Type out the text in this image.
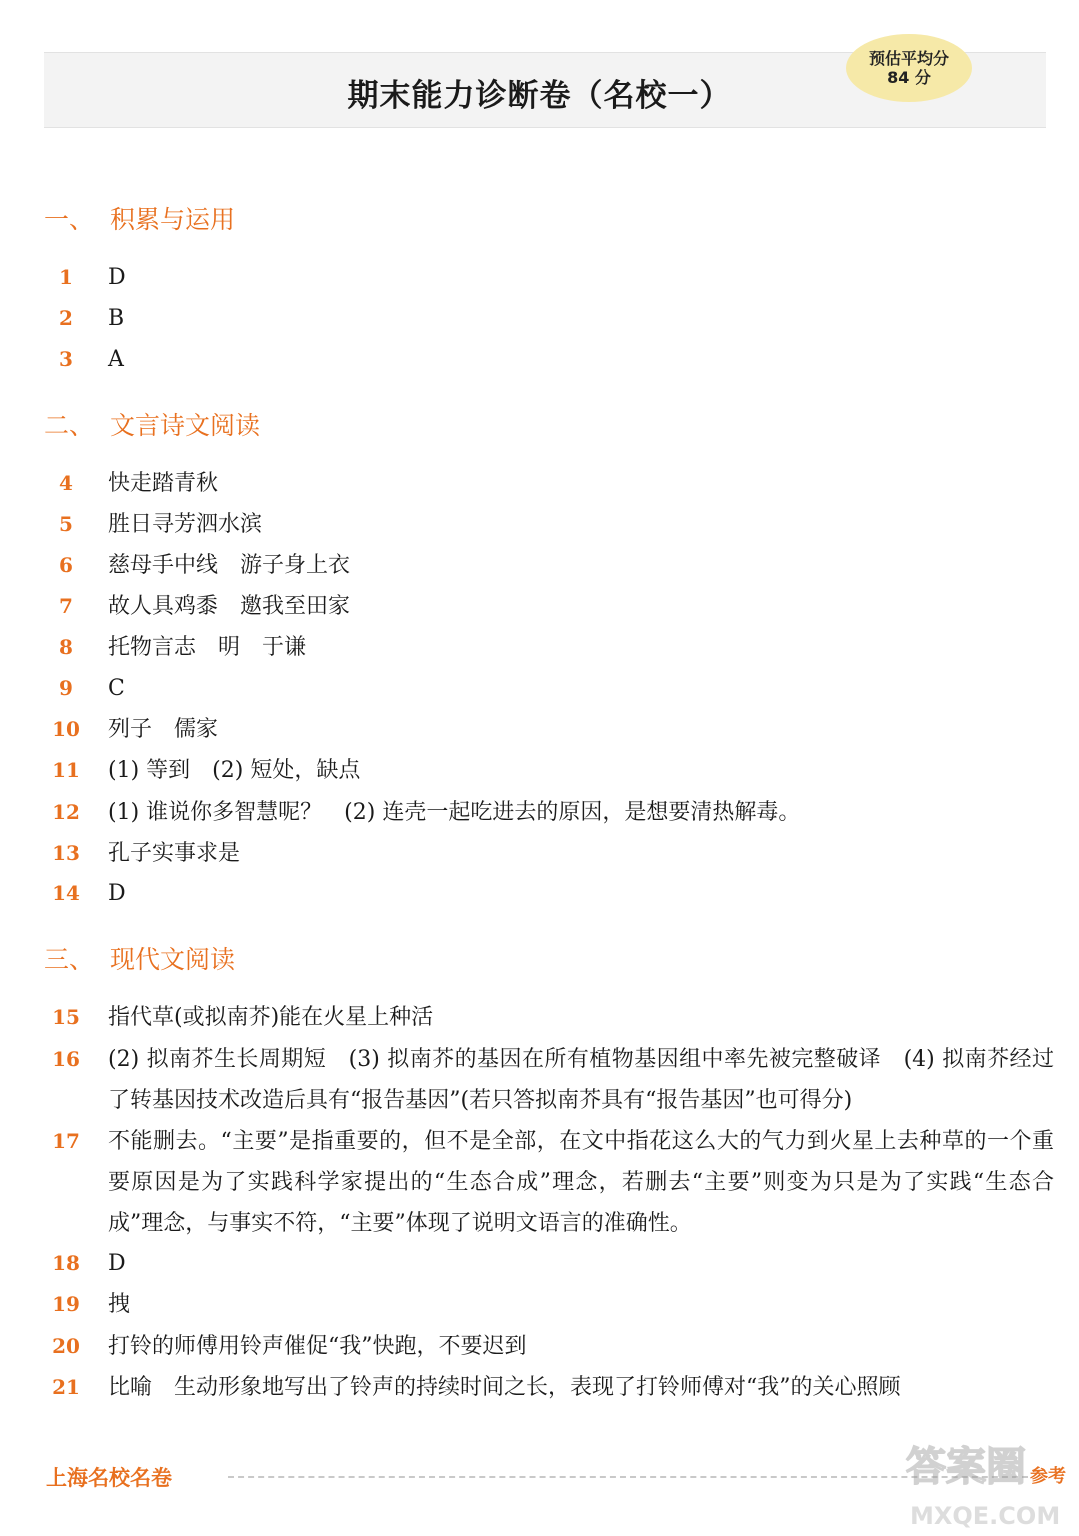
期末能力诊断卷（名校一）
预估平均分
84 分
一、 积累与运用
二、 文言诗文阅读
三、 现代文阅读
1	D
2	B
3	A
4	快走踏青秋
5	胜日寻芳泗水滨
6	慈母手中线　游子身上衣
7	故人具鸡黍　邀我至田家
8	托物言志　明　于谦
9	C
10 列子　儒家
11 (1) 等到　(2) 短处，缺点
12 (1) 谁说你多智慧呢？　(2) 连壳一起吃进去的原因，是想要清热解毒。
13 孔子实事求是
14 D
15 指代草(或拟南芥)能在火星上种活
16 (2) 拟南芥生长周期短　(3) 拟南芥的基因在所有植物基因组中率先被完整破译　(4) 拟南芥经过了转基因技术改造后具有“报告基因”(若只答拟南芥具有“报告基因”也可得分)
17 不能删去。“主要”是指重要的，但不是全部，在文中指花这么大的气力到火星上去种草的一个重要原因是为了实践科学家提出的“生态合成”理念，若删去“主要”则变为只是为了实践“生态合成”理念，与事实不符，“主要”体现了说明文语言的准确性。
18 D
19 拽
20 打铃的师傅用铃声催促“我”快跑，不要迟到
21 比喻　生动形象地写出了铃声的持续时间之长，表现了打铃师傅对“我”的关心照顾
上海名校名卷	参考
答案圈
MXQE.COM
